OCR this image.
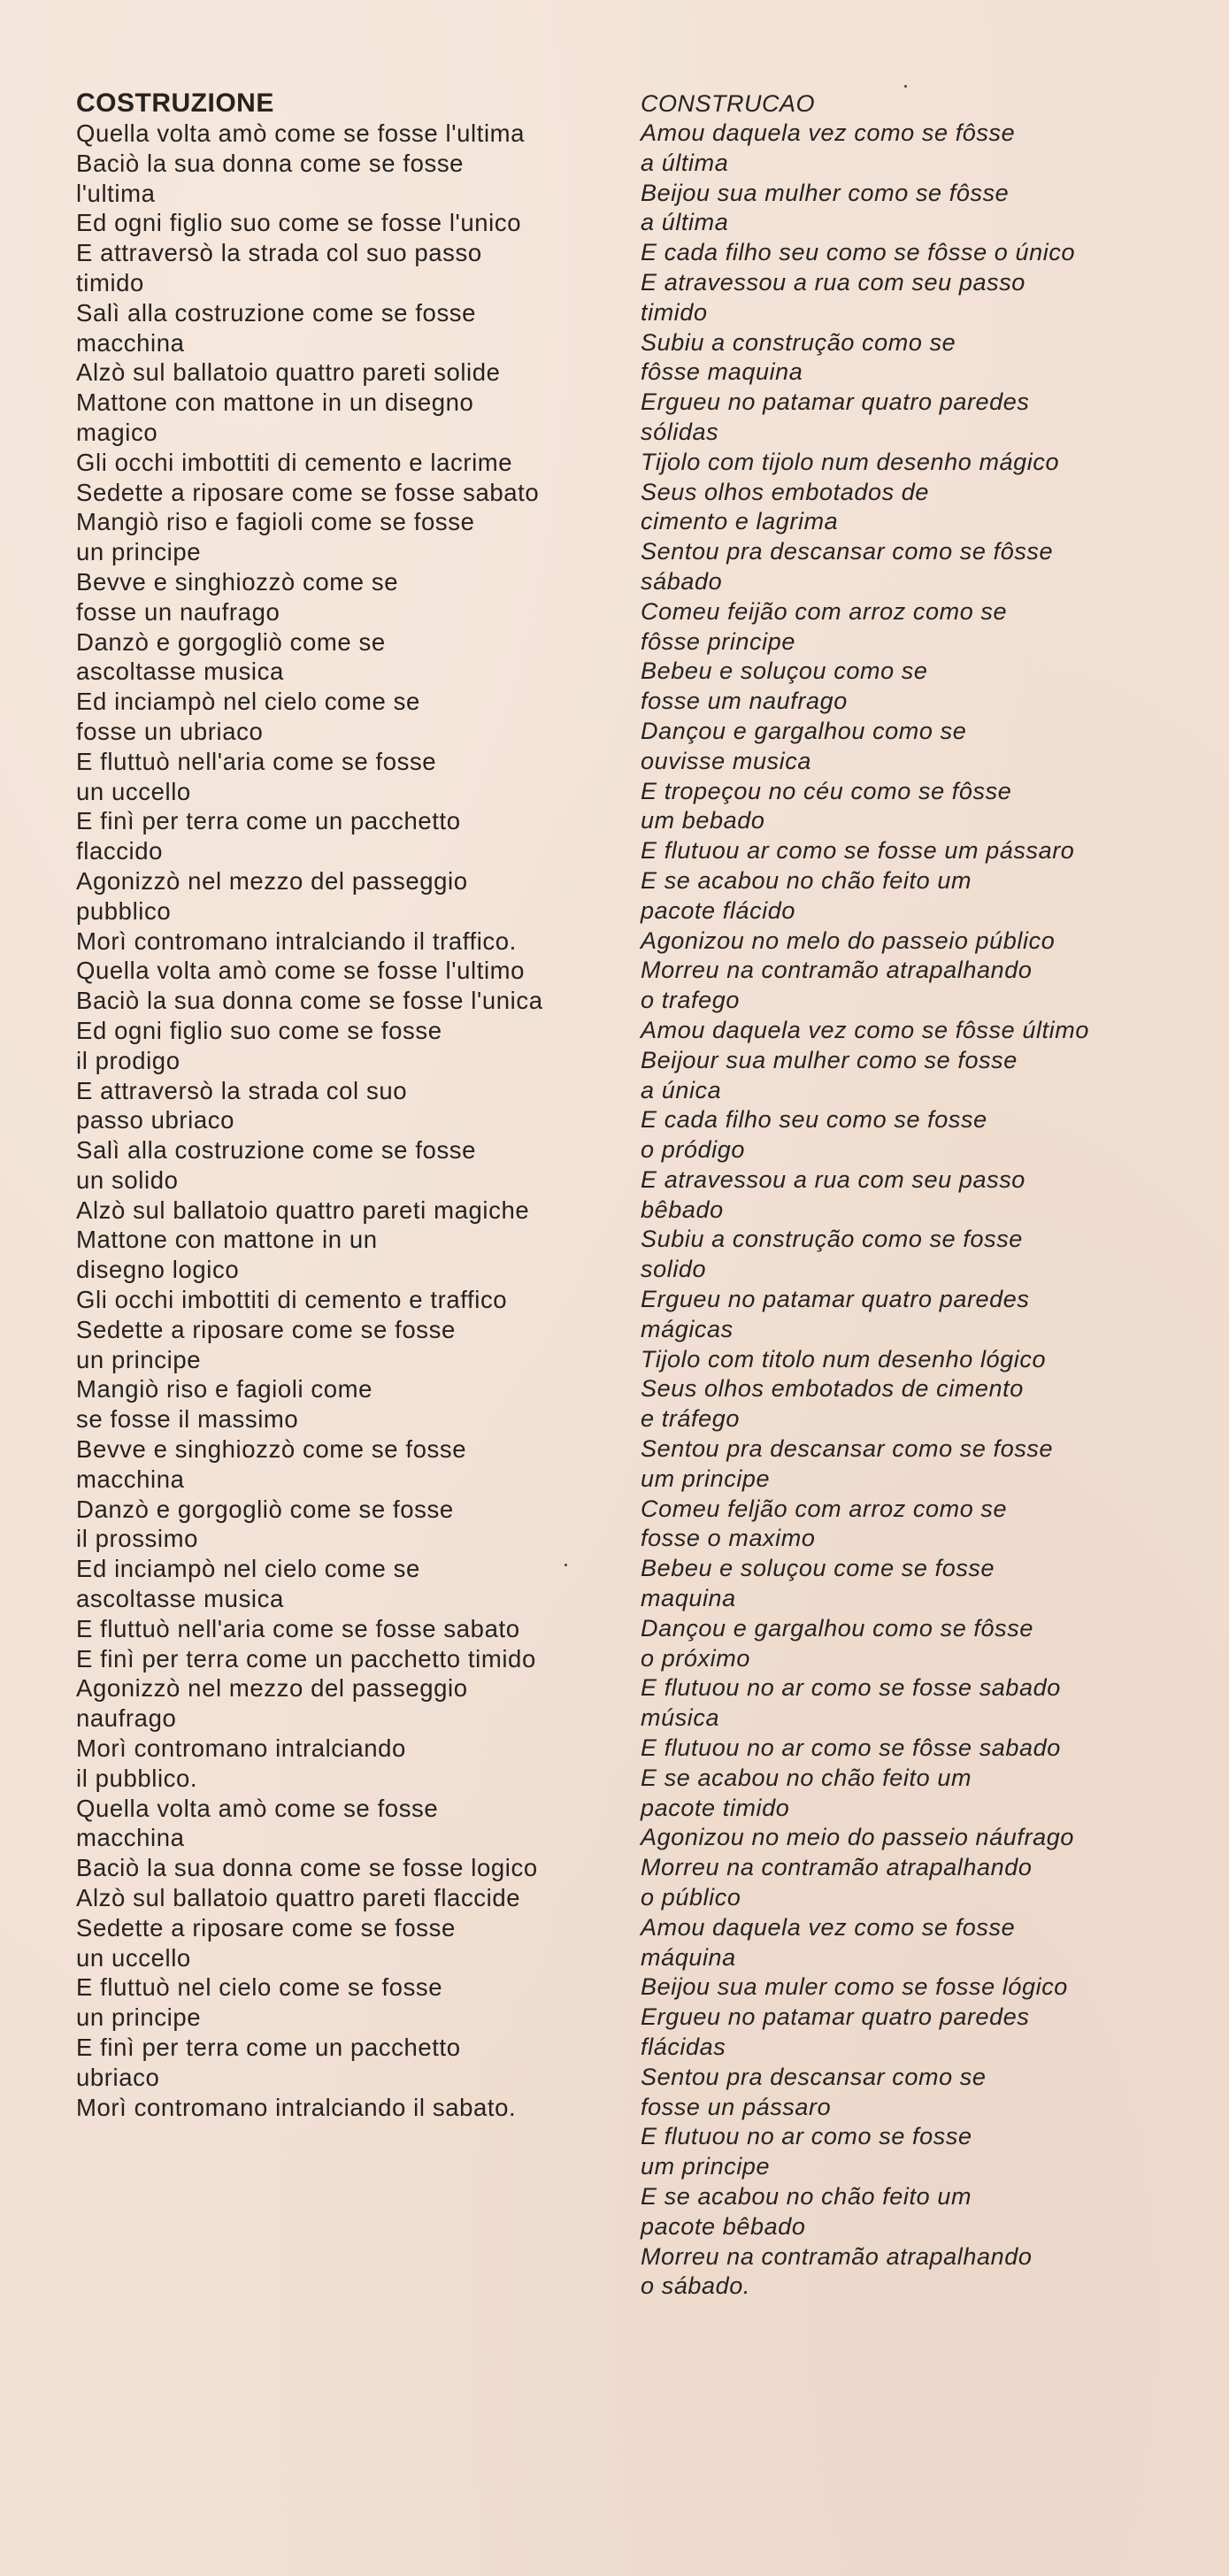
COSTRUZIONE
Quella volta amò come se fosse l'ultima
Baciò la sua donna come se fosse
l'ultima
Ed ogni figlio suo come se fosse l'unico
E attraversò la strada col suo passo
timido
Salì alla costruzione come se fosse
macchina
Alzò sul ballatoio quattro pareti solide
Mattone con mattone in un disegno
magico
Gli occhi imbottiti di cemento e lacrime
Sedette a riposare come se fosse sabato
Mangiò riso e fagioli come se fosse
un principe
Bevve e singhiozzò come se
fosse un naufrago
Danzò e gorgogliò come se
ascoltasse musica
Ed inciampò nel cielo come se
fosse un ubriaco
E fluttuò nell'aria come se fosse
un uccello
E finì per terra come un pacchetto
flaccido
Agonizzò nel mezzo del passeggio
pubblico
Morì contromano intralciando il traffico.
Quella volta amò come se fosse l'ultimo
Baciò la sua donna come se fosse l'unica
Ed ogni figlio suo come se fosse
il prodigo
E attraversò la strada col suo
passo ubriaco
Salì alla costruzione come se fosse
un solido
Alzò sul ballatoio quattro pareti magiche
Mattone con mattone in un
disegno logico
Gli occhi imbottiti di cemento e traffico
Sedette a riposare come se fosse
un principe
Mangiò riso e fagioli come
se fosse il massimo
Bevve e singhiozzò come se fosse
macchina
Danzò e gorgogliò come se fosse
il prossimo
Ed inciampò nel cielo come se
ascoltasse musica
E fluttuò nell'aria come se fosse sabato
E finì per terra come un pacchetto timido
Agonizzò nel mezzo del passeggio
naufrago
Morì contromano intralciando
il pubblico.
Quella volta amò come se fosse
macchina
Baciò la sua donna come se fosse logico
Alzò sul ballatoio quattro pareti flaccide
Sedette a riposare come se fosse
un uccello
E fluttuò nel cielo come se fosse
un principe
E finì per terra come un pacchetto
ubriaco
Morì contromano intralciando il sabato.
CONSTRUCAO
Amou daquela vez como se fôsse
a última
Beijou sua mulher como se fôsse
a última
E cada filho seu como se fôsse o único
E atravessou a rua com seu passo
timido
Subiu a construção como se
fôsse maquina
Ergueu no patamar quatro paredes
sólidas
Tijolo com tijolo num desenho mágico
Seus olhos embotados de
cimento e lagrima
Sentou pra descansar como se fôsse
sábado
Comeu feijão com arroz como se
fôsse principe
Bebeu e soluçou como se
fosse um naufrago
Dançou e gargalhou como se
ouvisse musica
E tropeçou no céu como se fôsse
um bebado
E flutuou ar como se fosse um pássaro
E se acabou no chão feito um
pacote flácido
Agonizou no melo do passeio público
Morreu na contramão atrapalhando
o trafego
Amou daquela vez como se fôsse último
Beijour sua mulher como se fosse
a única
E cada filho seu como se fosse
o pródigo
E atravessou a rua com seu passo
bêbado
Subiu a construção como se fosse
solido
Ergueu no patamar quatro paredes
mágicas
Tijolo com titolo num desenho lógico
Seus olhos embotados de cimento
e tráfego
Sentou pra descansar como se fosse
um principe
Comeu feljão com arroz como se
fosse o maximo
Bebeu e soluçou come se fosse
maquina
Dançou e gargalhou como se fôsse
o próximo
E flutuou no ar como se fosse sabado
música
E flutuou no ar como se fôsse sabado
E se acabou no chão feito um
pacote timido
Agonizou no meio do passeio náufrago
Morreu na contramão atrapalhando
o público
Amou daquela vez como se fosse
máquina
Beijou sua muler como se fosse lógico
Ergueu no patamar quatro paredes
flácidas
Sentou pra descansar como se
fosse un pássaro
E flutuou no ar como se fosse
um principe
E se acabou no chão feito um
pacote bêbado
Morreu na contramão atrapalhando
o sábado.
